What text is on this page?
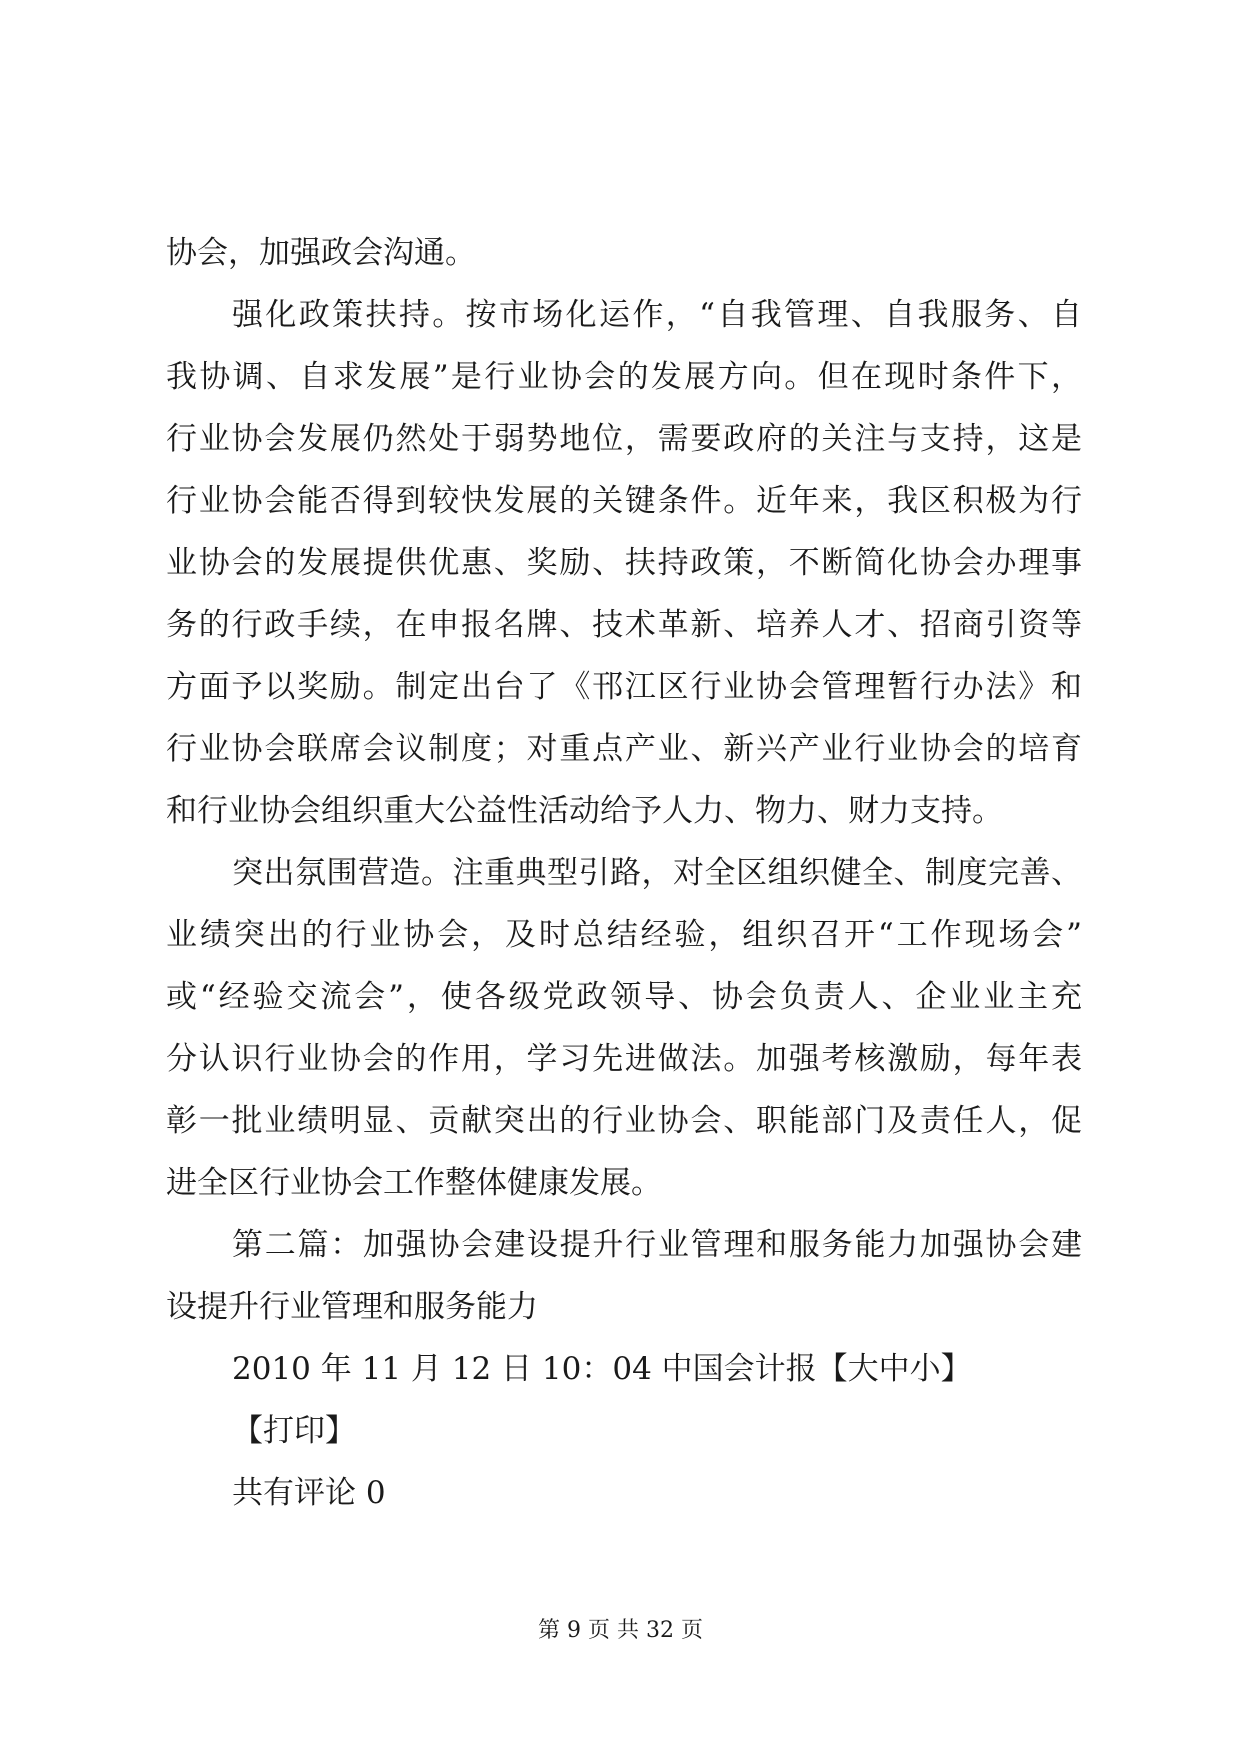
协会，加强政会沟通。
强化政策扶持。按市场化运作，“自我管理、自我服务、自
我协调、自求发展”是行业协会的发展方向。但在现时条件下，
行业协会发展仍然处于弱势地位，需要政府的关注与支持，这是
行业协会能否得到较快发展的关键条件。近年来，我区积极为行
业协会的发展提供优惠、奖励、扶持政策，不断简化协会办理事
务的行政手续，在申报名牌、技术革新、培养人才、招商引资等
方面予以奖励。制定出台了《邗江区行业协会管理暂行办法》和
行业协会联席会议制度；对重点产业、新兴产业行业协会的培育
和行业协会组织重大公益性活动给予人力、物力、财力支持。
突出氛围营造。注重典型引路，对全区组织健全、制度完善、
业绩突出的行业协会，及时总结经验，组织召开“工作现场会”
或“经验交流会”，使各级党政领导、协会负责人、企业业主充
分认识行业协会的作用，学习先进做法。加强考核激励，每年表
彰一批业绩明显、贡献突出的行业协会、职能部门及责任人，促
进全区行业协会工作整体健康发展。
第二篇：加强协会建设提升行业管理和服务能力加强协会建
设提升行业管理和服务能力
2010 年 11 月 12 日 10：04 中国会计报【大中小】
【打印】
共有评论 0
第 9 页 共 32 页
